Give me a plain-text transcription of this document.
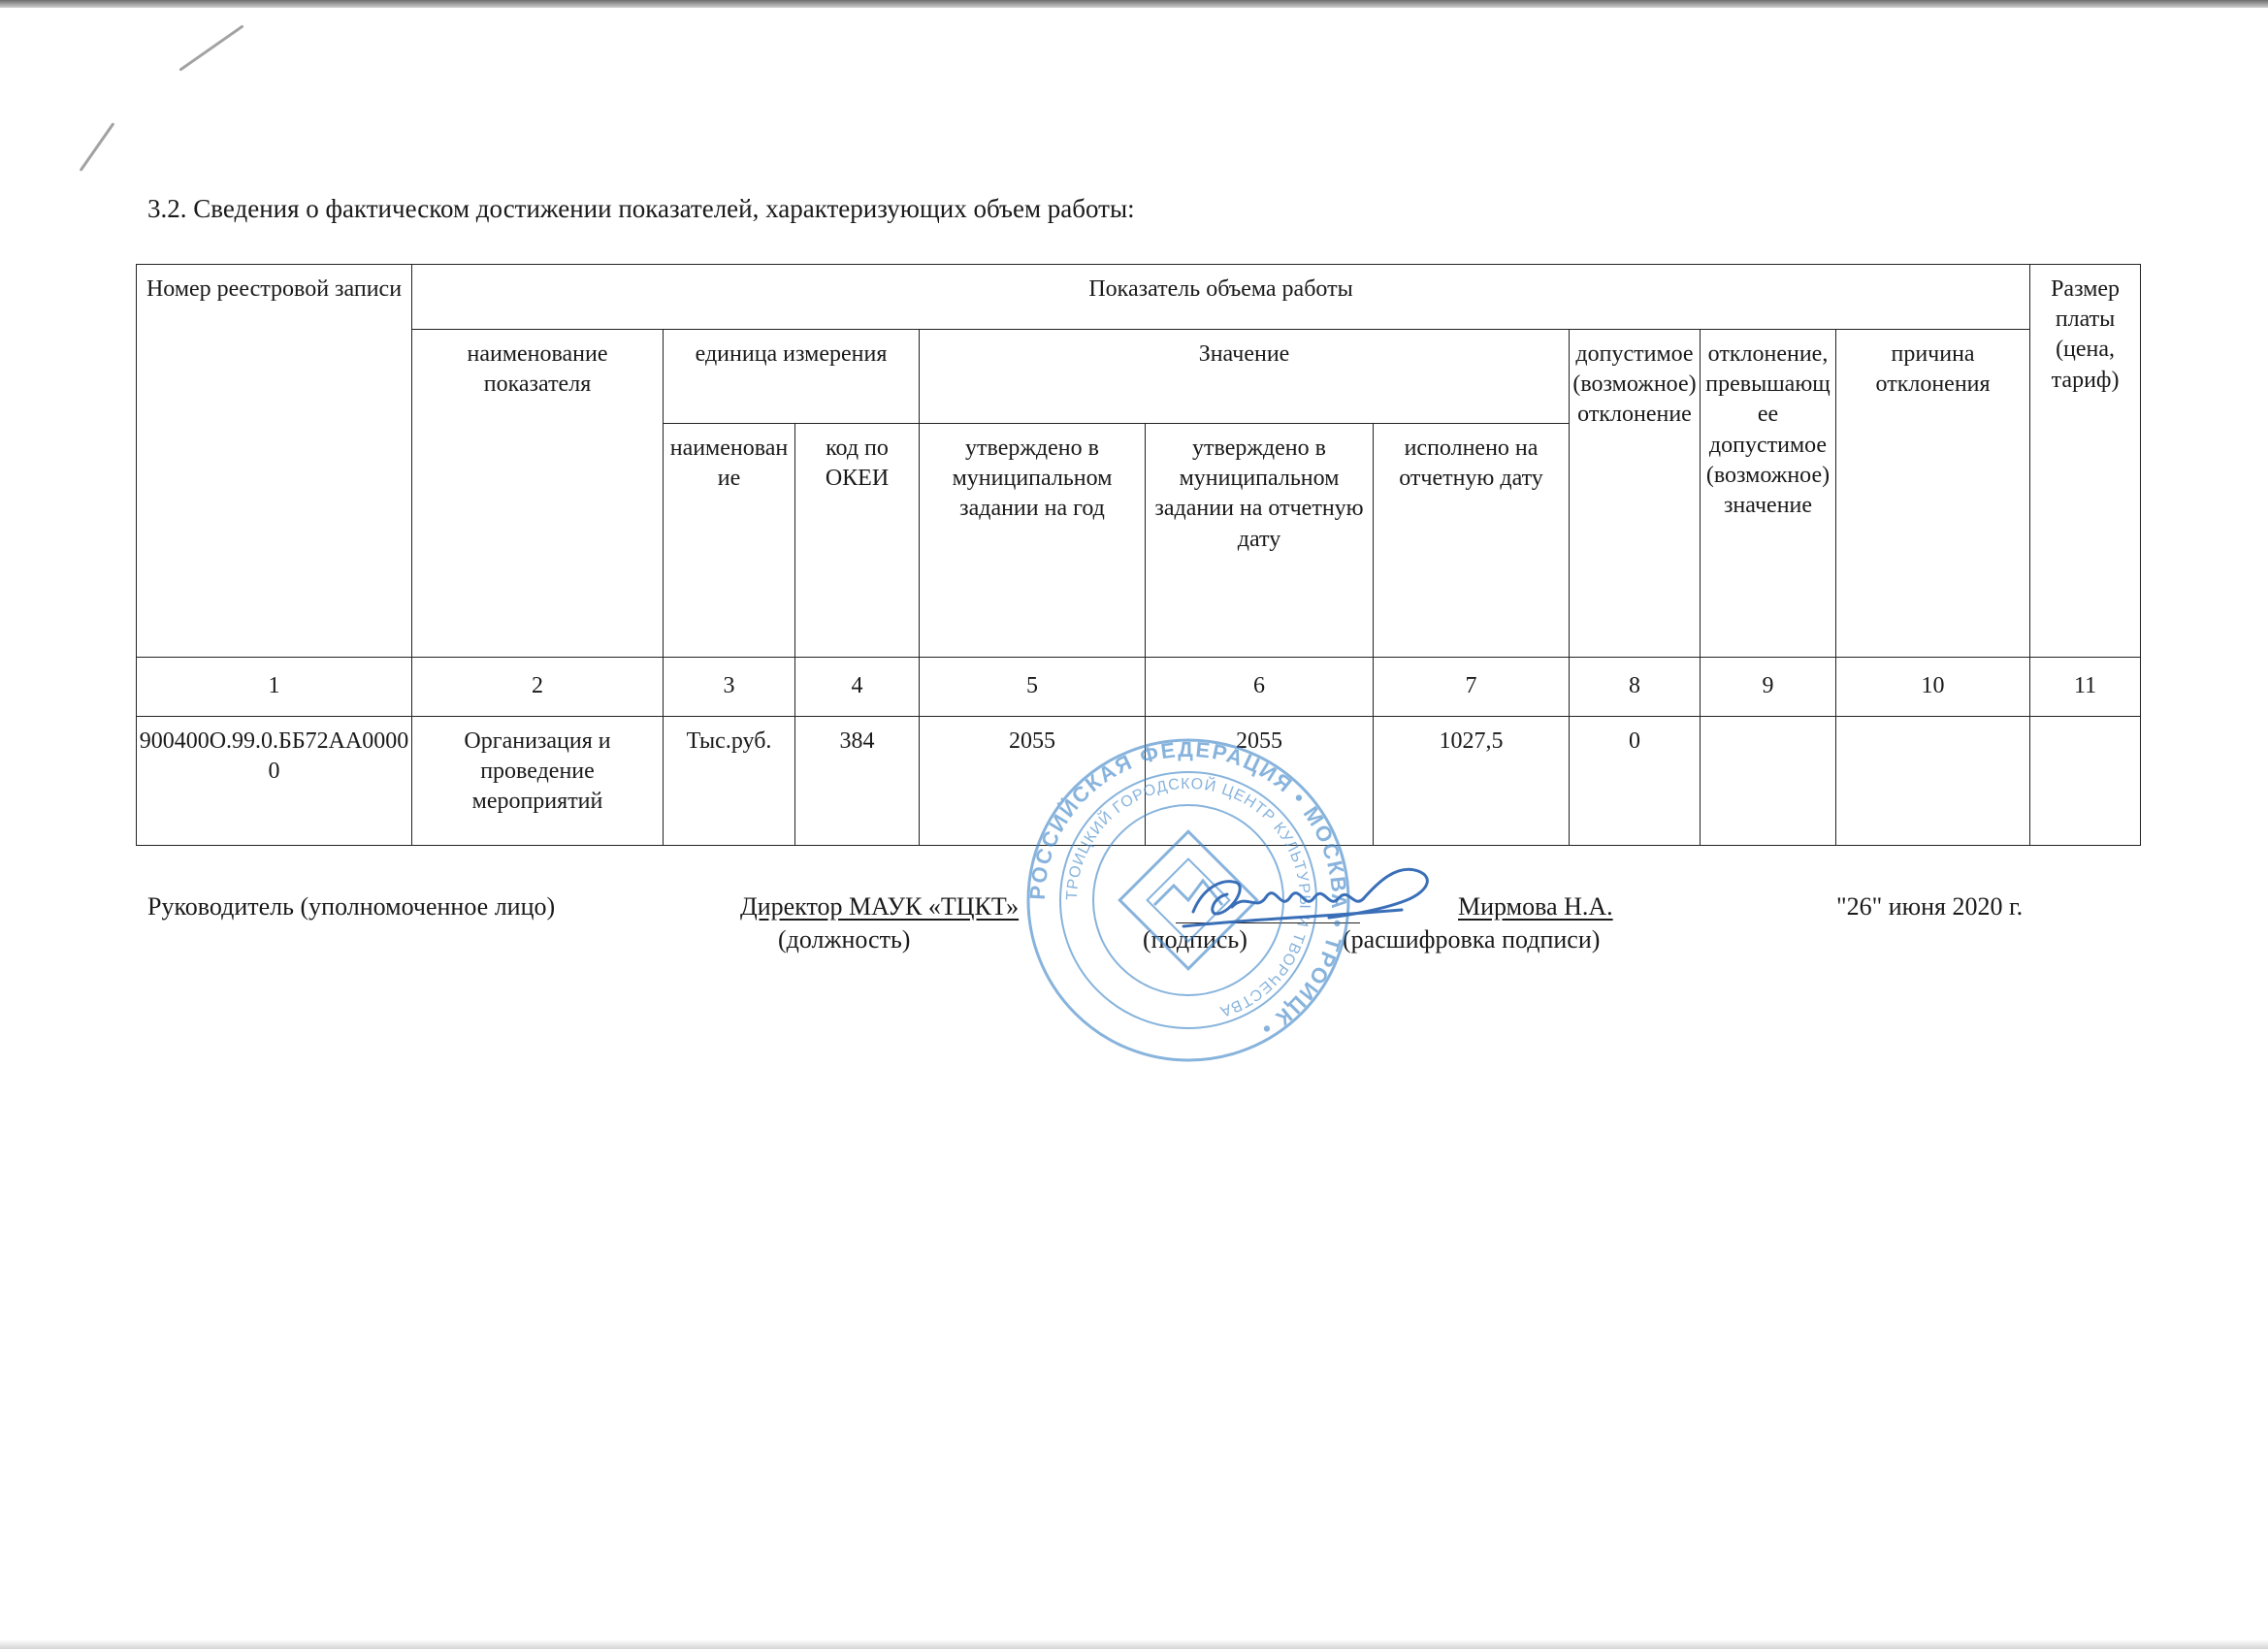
3.2. Сведения о фактическом достижении показателей, характеризующих объем работы:
Номер реестровой записи	Показатель объема работы									Размер платы (цена, тариф)
	наименование показателя	единица измерения		Значение			допустимое (возможное) отклонение	отклонение, превышающее допустимое (возможное) значение	причина отклонения	
		наименование	код по ОКЕИ	утверждено в муниципальном задании на год	утверждено в муниципальном задании на отчетную дату	исполнено на отчетную дату				
1	2	3	4	5	6	7	8	9	10	11
900400О.99.0.ББ72АА00000	Организация и проведение мероприятий	Тыс.руб.	384	2055	2055	1027,5	0			
Руководитель (уполномоченное лицо)	Директор МАУК «ТЦКТ»
(должность)	(подпись)
Мирмова Н.А.
(расшифровка подписи)
"26" июня 2020 г.
РОССИЙСКАЯ ФЕДЕРАЦИЯ • МОСКВА • ТРОИЦК •
ТРОИЦКИЙ ГОРОДСКОЙ ЦЕНТР КУЛЬТУРЫ И ТВОРЧЕСТВА
